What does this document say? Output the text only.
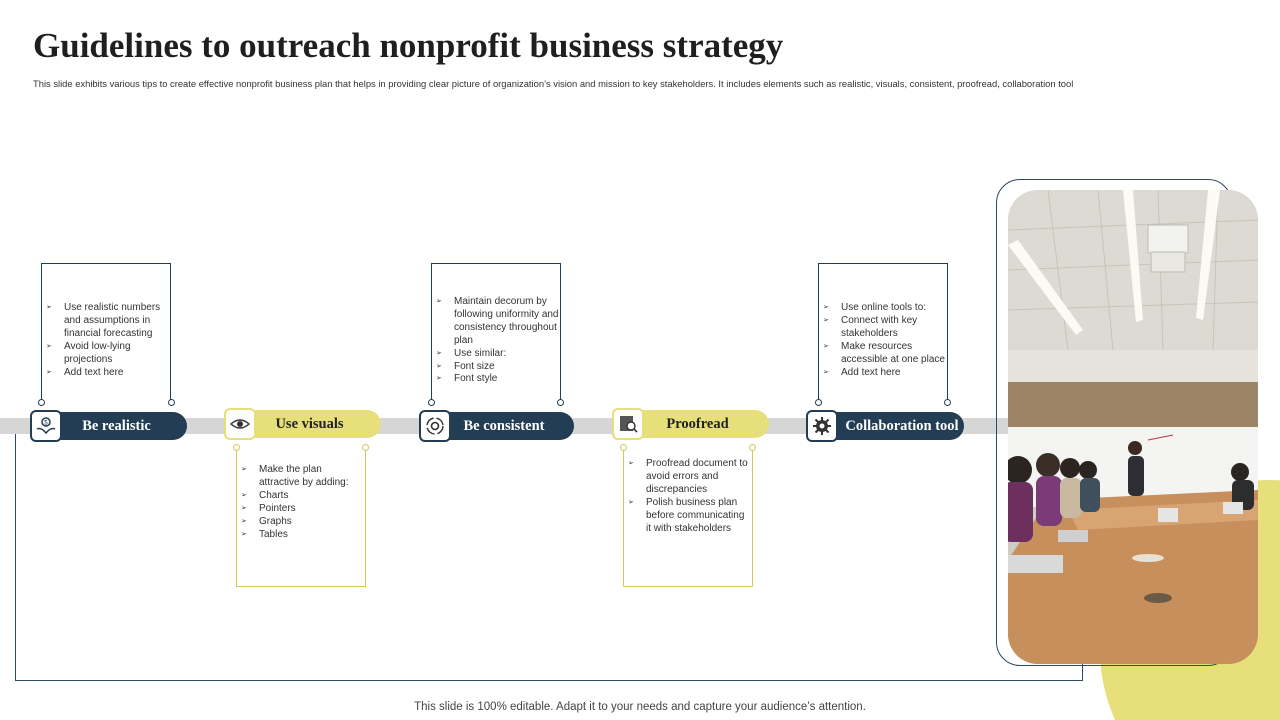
Guidelines to outreach nonprofit business strategy

This slide exhibits various tips to create effective nonprofit business plan that helps in providing clear picture of organization’s vision and mission to key stakeholders. It includes elements such as realistic, visuals, consistent, proofread, collaboration tool

➢ Use realistic numbers and assumptions in financial forecasting
➢ Avoid low-lying projections
➢ Add text here
Be realistic
$	Use visuals
➢ Make the plan attractive by adding:
➢ Charts
➢ Pointers
➢ Graphs
➢ Tables
➢ Maintain decorum by following uniformity and consistency throughout plan
➢ Use similar:
➢ Font size
➢ Font style
Be consistent	Proofread
➢ Proofread document to avoid errors and discrepancies
➢ Polish business plan before communicating it with stakeholders
➢ Use online tools to:
➢ Connect with key stakeholders
➢ Make resources accessible at one place
➢ Add text here
Collaboration tool
This slide is 100% editable. Adapt it to your needs and capture your audience’s attention.
